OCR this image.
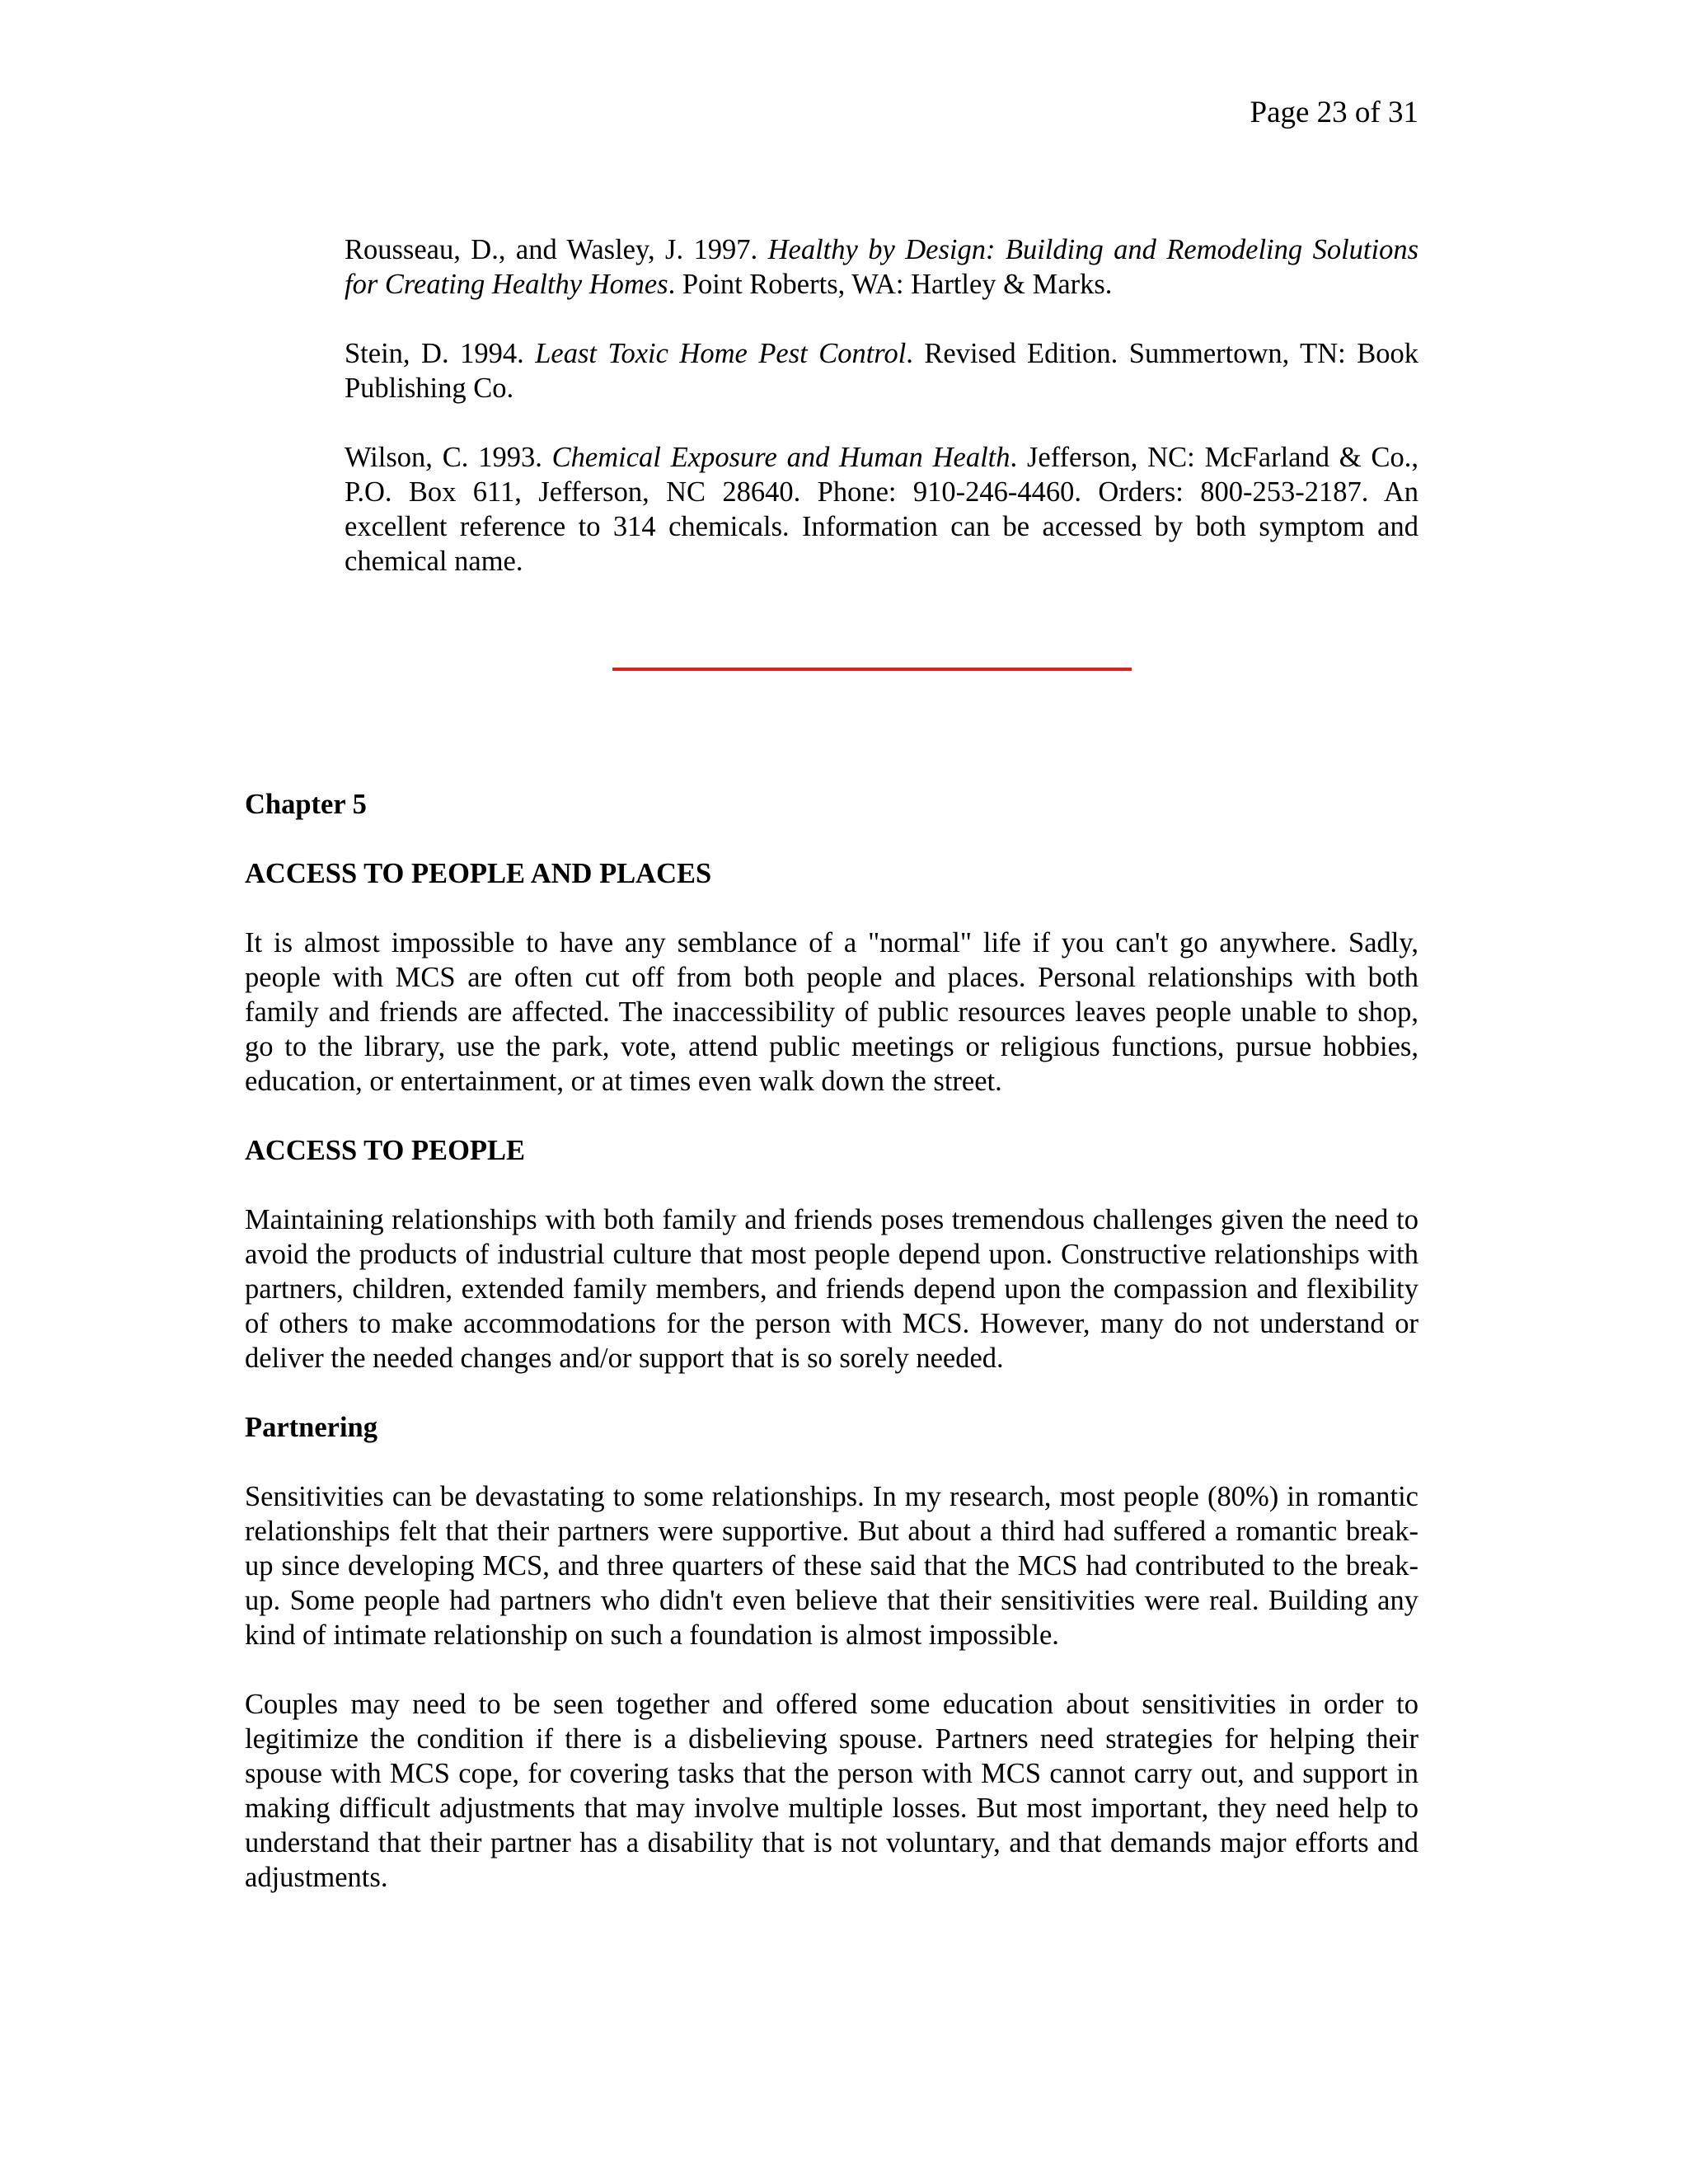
Page 23 of 31

Rousseau, D., and Wasley, J. 1997. Healthy by Design: Building and Remodeling Solutions for Creating Healthy Homes. Point Roberts, WA: Hartley & Marks.

Stein, D. 1994. Least Toxic Home Pest Control. Revised Edition. Summertown, TN: Book Publishing Co.

Wilson, C. 1993. Chemical Exposure and Human Health. Jefferson, NC: McFarland & Co., P.O. Box 611, Jefferson, NC 28640. Phone: 910-246-4460. Orders: 800-253-2187. An excellent reference to 314 chemicals. Information can be accessed by both symptom and chemical name.

Chapter 5

ACCESS TO PEOPLE AND PLACES

It is almost impossible to have any semblance of a "normal" life if you can't go anywhere. Sadly, people with MCS are often cut off from both people and places. Personal relationships with both family and friends are affected. The inaccessibility of public resources leaves people unable to shop, go to the library, use the park, vote, attend public meetings or religious functions, pursue hobbies, education, or entertainment, or at times even walk down the street.

ACCESS TO PEOPLE

Maintaining relationships with both family and friends poses tremendous challenges given the need to avoid the products of industrial culture that most people depend upon. Constructive relationships with partners, children, extended family members, and friends depend upon the compassion and flexibility of others to make accommodations for the person with MCS. However, many do not understand or deliver the needed changes and/or support that is so sorely needed.

Partnering

Sensitivities can be devastating to some relationships. In my research, most people (80%) in romantic relationships felt that their partners were supportive. But about a third had suffered a romantic break-up since developing MCS, and three quarters of these said that the MCS had contributed to the break-up. Some people had partners who didn't even believe that their sensitivities were real. Building any kind of intimate relationship on such a foundation is almost impossible.

Couples may need to be seen together and offered some education about sensitivities in order to legitimize the condition if there is a disbelieving spouse. Partners need strategies for helping their spouse with MCS cope, for covering tasks that the person with MCS cannot carry out, and support in making difficult adjustments that may involve multiple losses. But most important, they need help to understand that their partner has a disability that is not voluntary, and that demands major efforts and adjustments.
